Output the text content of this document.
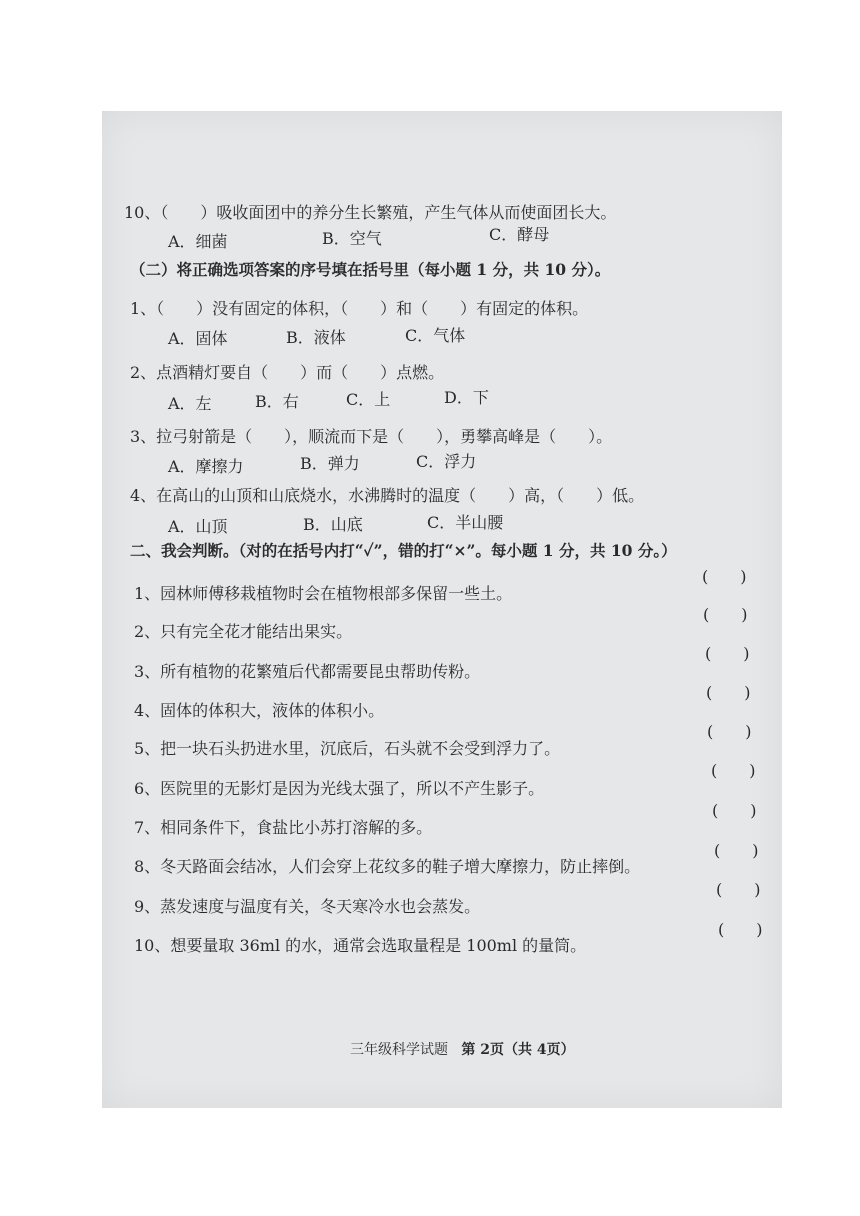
10、（　　）吸收面团中的养分生长繁殖，产生气体从而使面团长大。
A．细菌	B．空气	C．酵母
（二）将正确选项答案的序号填在括号里（每小题 1 分，共 10 分）。
1、（　　）没有固定的体积，（　　）和（　　）有固定的体积。
A．固体	B．液体	C．气体
2、点酒精灯要自（　　）而（　　）点燃。
A．左	B．右	C．上	D．下
3、拉弓射箭是（　　），顺流而下是（　　），勇攀高峰是（　　）。
A．摩擦力	B．弹力	C．浮力
4、在高山的山顶和山底烧水，水沸腾时的温度（　　）高，（　　）低。
A．山顶	B．山底	C．半山腰
二、我会判断。（对的在括号内打“✓”，错的打“×”。每小题 1 分，共 10 分。）
1、园林师傅移栽植物时会在植物根部多保留一些土。
(　　)
2、只有完全花才能结出果实。
(　　)
3、所有植物的花繁殖后代都需要昆虫帮助传粉。
(　　)
4、固体的体积大，液体的体积小。
(　　)
5、把一块石头扔进水里，沉底后，石头就不会受到浮力了。
(　　)
6、医院里的无影灯是因为光线太强了，所以不产生影子。
(　　)
7、相同条件下，食盐比小苏打溶解的多。
(　　)
8、冬天路面会结冰，人们会穿上花纹多的鞋子增大摩擦力，防止摔倒。
(　　)
9、蒸发速度与温度有关，冬天寒冷水也会蒸发。
(　　)
10、想要量取 36ml 的水，通常会选取量程是 100ml 的量筒。
(　　)
三年级科学试题 第 2页（共 4页）
